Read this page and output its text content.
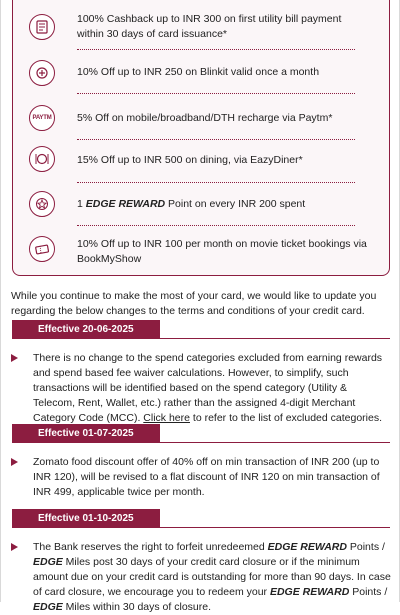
100% Cashback up to INR 300 on first utility bill payment within 30 days of card issuance*
10% Off up to INR 250 on Blinkit valid once a month
PAYTM 5% Off on mobile/broadband/DTH recharge via Paytm*
15% Off up to INR 500 on dining, via EazyDiner*
1 EDGE REWARD Point on every INR 200 spent
10% Off up to INR 100 per month on movie ticket bookings via BookMyShow
While you continue to make the most of your card, we would like to update you regarding the below changes to the terms and conditions of your credit card.
Effective 20-06-2025
There is no change to the spend categories excluded from earning rewards and spend based fee waiver calculations. However, to simplify, such transactions will be identified based on the spend category (Utility & Telecom, Rent, Wallet, etc.) rather than the assigned 4-digit Merchant Category Code (MCC). Click here to refer to the list of excluded categories.
Effective 01-07-2025
Zomato food discount offer of 40% off on min transaction of INR 200 (up to INR 120), will be revised to a flat discount of INR 120 on min transaction of INR 499, applicable twice per month.
Effective 01-10-2025
The Bank reserves the right to forfeit unredeemed EDGE REWARD Points / EDGE Miles post 30 days of your credit card closure or if the minimum amount due on your credit card is outstanding for more than 90 days. In case of card closure, we encourage you to redeem your EDGE REWARD Points / EDGE Miles within 30 days of closure.
